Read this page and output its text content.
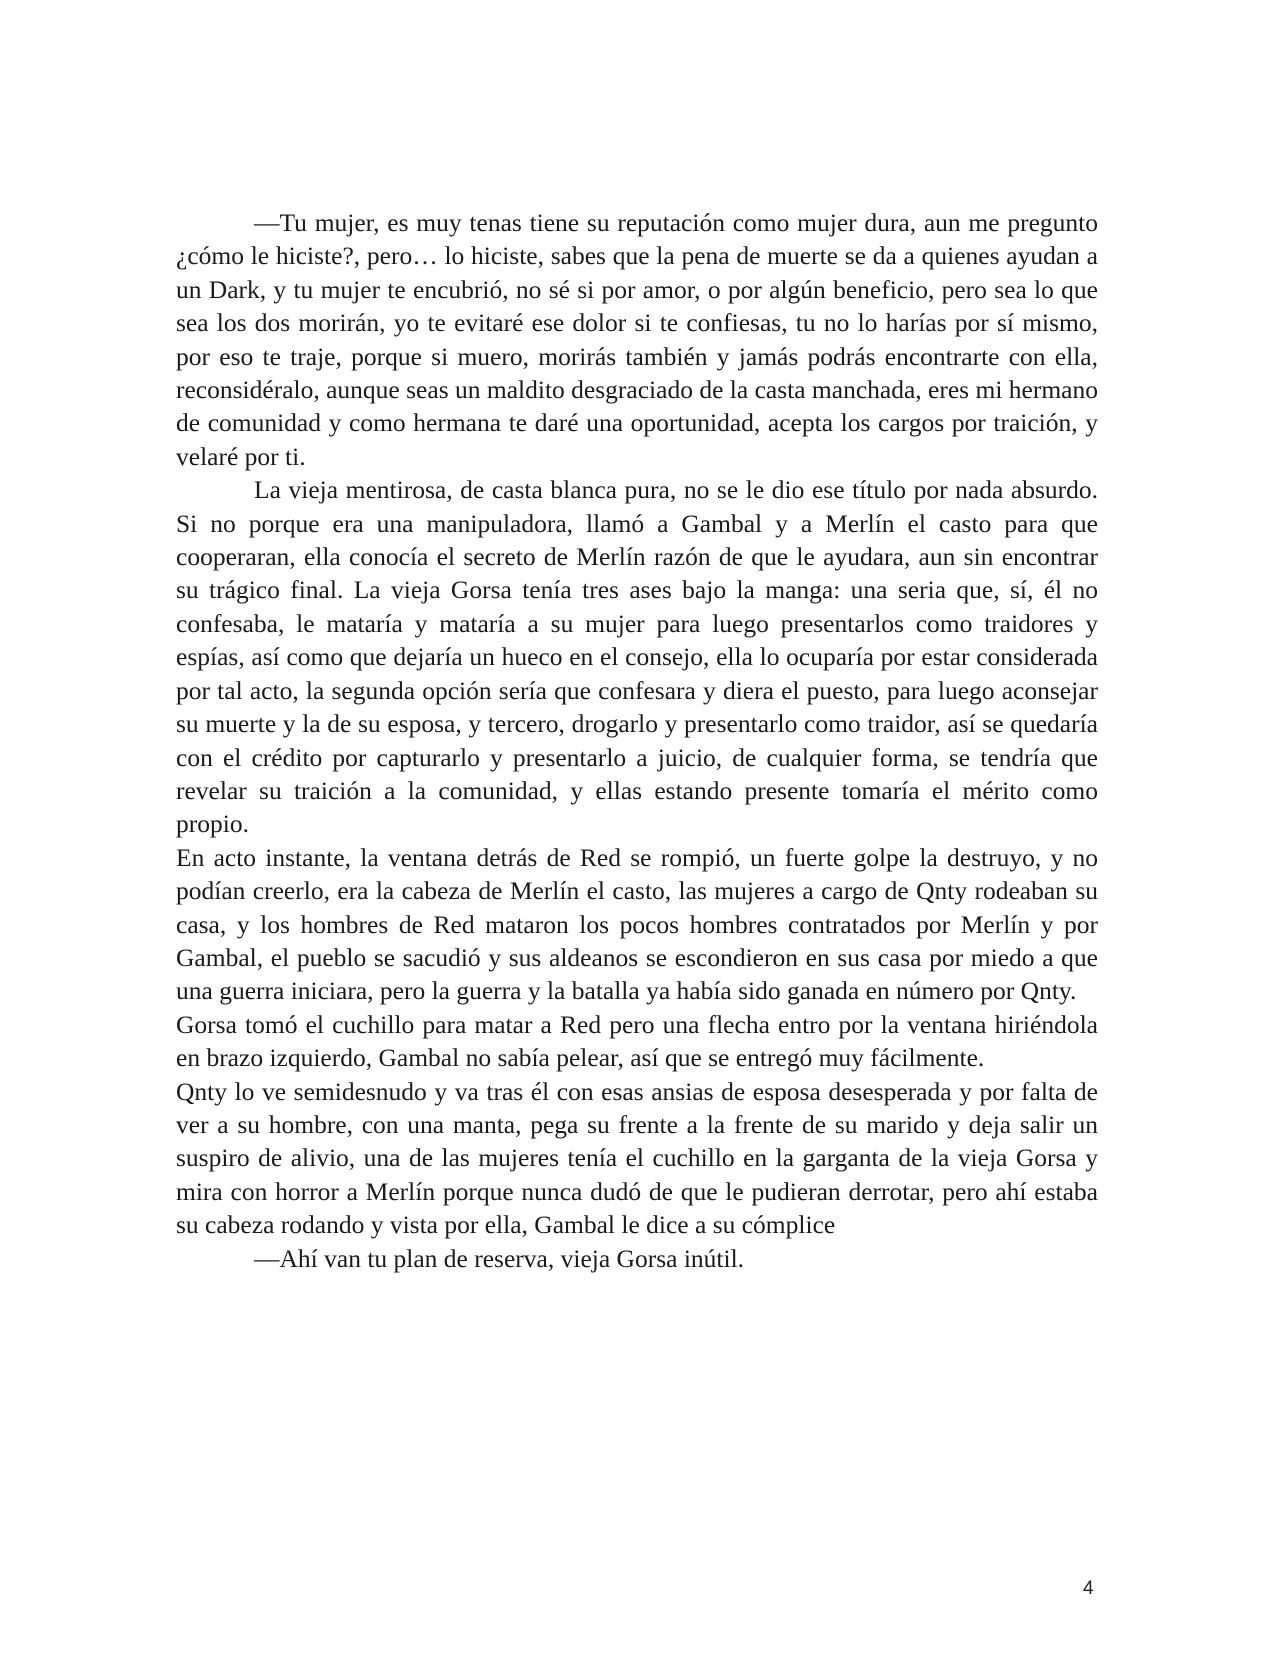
—Tu mujer, es muy tenas tiene su reputación como mujer dura, aun me pregunto ¿cómo le hiciste?, pero… lo hiciste, sabes que la pena de muerte se da a quienes ayudan a un Dark, y tu mujer te encubrió, no sé si por amor, o por algún beneficio, pero sea lo que sea los dos morirán, yo te evitaré ese dolor si te confiesas, tu no lo harías por sí mismo, por eso te traje, porque si muero, morirás también y jamás podrás encontrarte con ella, reconsidéralo, aunque seas un maldito desgraciado de la casta manchada, eres mi hermano de comunidad y como hermana te daré una oportunidad, acepta los cargos por traición, y velaré por ti.

La vieja mentirosa, de casta blanca pura, no se le dio ese título por nada absurdo. Si no porque era una manipuladora, llamó a Gambal y a Merlín el casto para que cooperaran, ella conocía el secreto de Merlín razón de que le ayudara, aun sin encontrar su trágico final. La vieja Gorsa tenía tres ases bajo la manga: una seria que, sí, él no confesaba, le mataría y mataría a su mujer para luego presentarlos como traidores y espías, así como que dejaría un hueco en el consejo, ella lo ocuparía por estar considerada por tal acto, la segunda opción sería que confesara y diera el puesto, para luego aconsejar su muerte y la de su esposa, y tercero, drogarlo y presentarlo como traidor, así se quedaría con el crédito por capturarlo y presentarlo a juicio, de cualquier forma, se tendría que revelar su traición a la comunidad, y ellas estando presente tomaría el mérito como propio.

En acto instante, la ventana detrás de Red se rompió, un fuerte golpe la destruyo, y no podían creerlo, era la cabeza de Merlín el casto, las mujeres a cargo de Qnty rodeaban su casa, y los hombres de Red mataron los pocos hombres contratados por Merlín y por Gambal, el pueblo se sacudió y sus aldeanos se escondieron en sus casa por miedo a que una guerra iniciara, pero la guerra y la batalla ya había sido ganada en número por Qnty.

Gorsa tomó el cuchillo para matar a Red pero una flecha entro por la ventana hiriéndola en brazo izquierdo, Gambal no sabía pelear, así que se entregó muy fácilmente.

Qnty lo ve semidesnudo y va tras él con esas ansias de esposa desesperada y por falta de ver a su hombre, con una manta, pega su frente a la frente de su marido y deja salir un suspiro de alivio, una de las mujeres tenía el cuchillo en la garganta de la vieja Gorsa y mira con horror a Merlín porque nunca dudó de que le pudieran derrotar, pero ahí estaba su cabeza rodando y vista por ella, Gambal le dice a su cómplice

—Ahí van tu plan de reserva, vieja Gorsa inútil.

4
